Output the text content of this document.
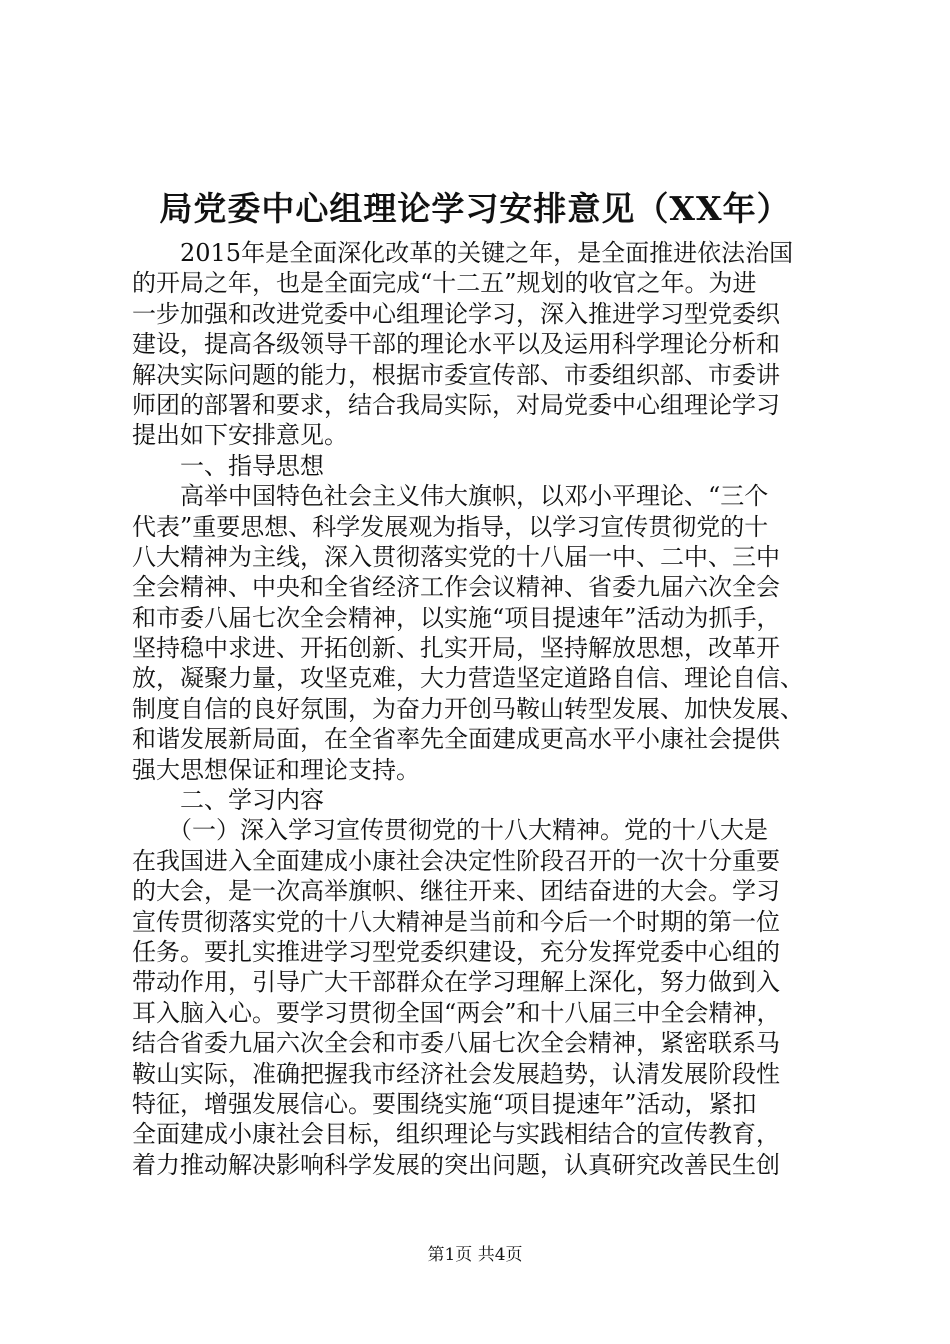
局党委中心组理论学习安排意见（XX年）
　　2015年是全面深化改革的关键之年，是全面推进依法治国
的开局之年，也是全面完成“十二五”规划的收官之年。为进
一步加强和改进党委中心组理论学习，深入推进学习型党委织
建设，提高各级领导干部的理论水平以及运用科学理论分析和
解决实际问题的能力，根据市委宣传部、市委组织部、市委讲
师团的部署和要求，结合我局实际，对局党委中心组理论学习
提出如下安排意见。
　　一、指导思想
　　高举中国特色社会主义伟大旗帜，以邓小平理论、“三个
代表”重要思想、科学发展观为指导，以学习宣传贯彻党的十
八大精神为主线，深入贯彻落实党的十八届一中、二中、三中
全会精神、中央和全省经济工作会议精神、省委九届六次全会
和市委八届七次全会精神，以实施“项目提速年”活动为抓手，
坚持稳中求进、开拓创新、扎实开局，坚持解放思想，改革开
放，凝聚力量，攻坚克难，大力营造坚定道路自信、理论自信、
制度自信的良好氛围，为奋力开创马鞍山转型发展、加快发展、
和谐发展新局面，在全省率先全面建成更高水平小康社会提供
强大思想保证和理论支持。
　　二、学习内容
　　（一）深入学习宣传贯彻党的十八大精神。党的十八大是
在我国进入全面建成小康社会决定性阶段召开的一次十分重要
的大会，是一次高举旗帜、继往开来、团结奋进的大会。学习
宣传贯彻落实党的十八大精神是当前和今后一个时期的第一位
任务。要扎实推进学习型党委织建设，充分发挥党委中心组的
带动作用，引导广大干部群众在学习理解上深化，努力做到入
耳入脑入心。要学习贯彻全国“两会”和十八届三中全会精神，
结合省委九届六次全会和市委八届七次全会精神，紧密联系马
鞍山实际，准确把握我市经济社会发展趋势，认清发展阶段性
特征，增强发展信心。要围绕实施“项目提速年”活动，紧扣
全面建成小康社会目标，组织理论与实践相结合的宣传教育，
着力推动解决影响科学发展的突出问题，认真研究改善民生创
第1页 共4页
